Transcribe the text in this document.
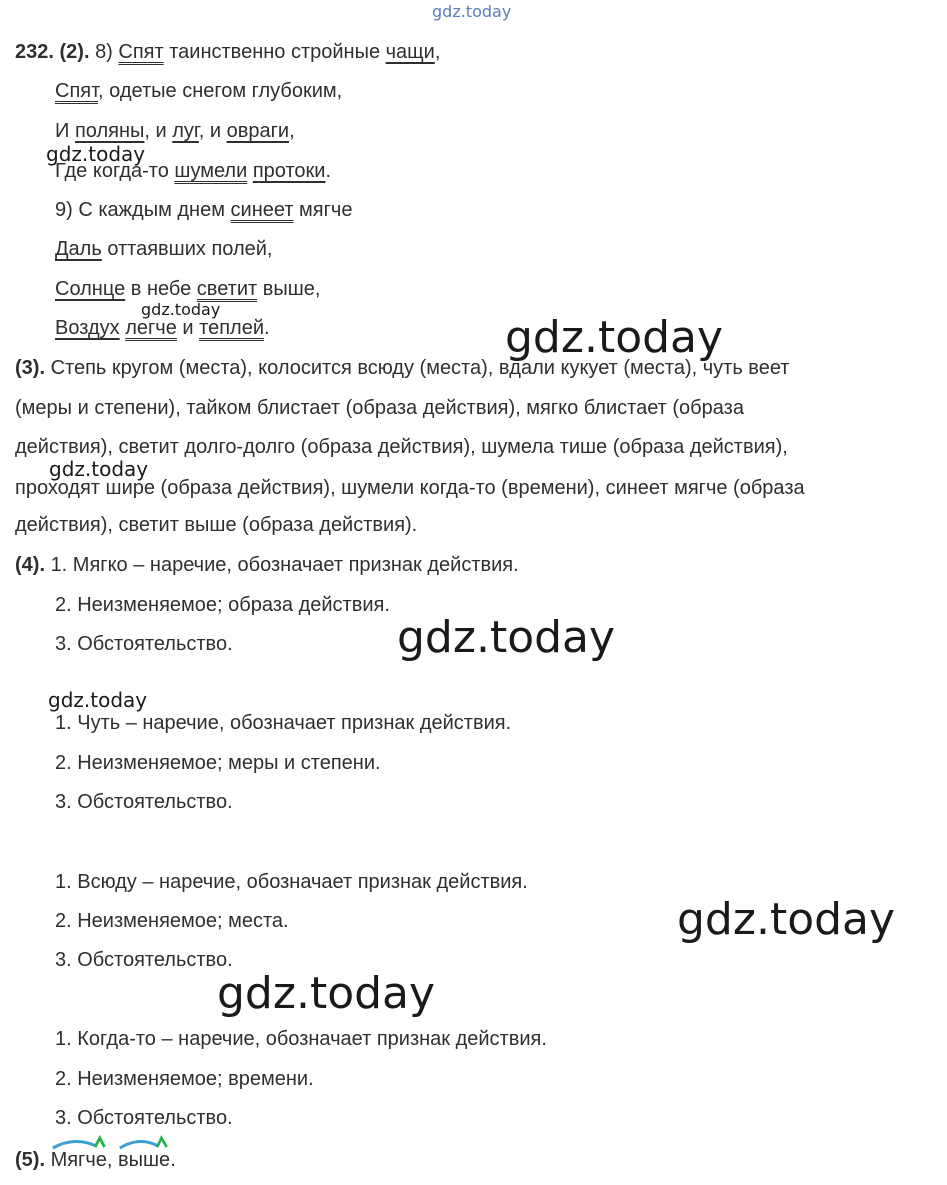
gdz.today
gdz.today
gdz.today
gdz.today
gdz.today
gdz.today
gdz.today
gdz.today
gdz.today
232. (2). 8) Спят таинственно стройные чащи,
Спят, одетые снегом глубоким,
И поляны, и луг, и овраги,
Где когда-то шумели протоки.
9) С каждым днем синеет мягче
Даль оттаявших полей,
Солнце в небе светит выше,
Воздух легче и теплей.
(3). Степь кругом (места), колосится всюду (места), вдали кукует (места), чуть веет
(меры и степени), тайком блистает (образа действия), мягко блистает (образа
действия), светит долго-долго (образа действия), шумела тише (образа действия),
проходят шире (образа действия), шумели когда-то (времени), синеет мягче (образа
действия), светит выше (образа действия).
(4). 1. Мягко – наречие, обозначает признак действия.
2. Неизменяемое; образа действия.
3. Обстоятельство.
1. Чуть – наречие, обозначает признак действия.
2. Неизменяемое; меры и степени.
3. Обстоятельство.
1. Всюду – наречие, обозначает признак действия.
2. Неизменяемое; места.
3. Обстоятельство.
1. Когда-то – наречие, обозначает признак действия.
2. Неизменяемое; времени.
3. Обстоятельство.
(5). Мягче,
выше.
